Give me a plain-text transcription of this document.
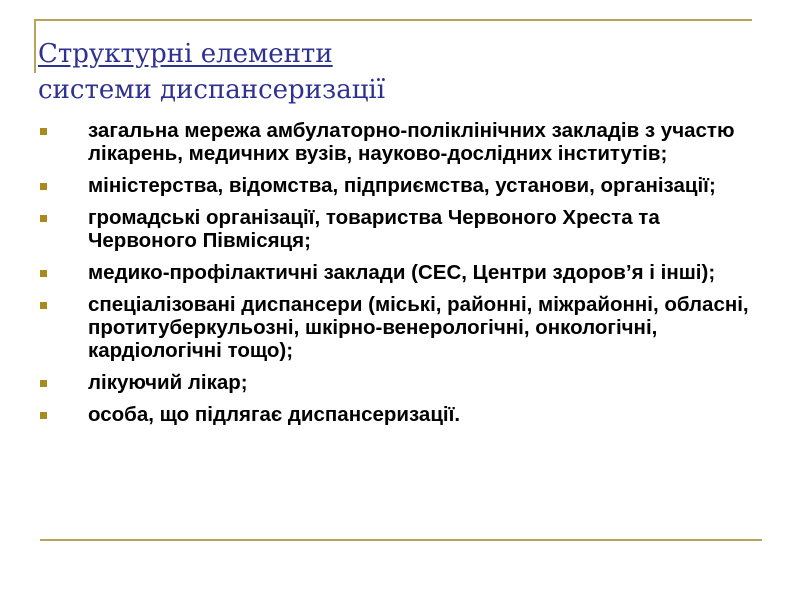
Структурні елементи
системи диспансеризації
загальна мережа амбулаторно-поліклінічних закладів з участю лікарень, медичних вузів, науково-дослідних інститутів;
міністерства, відомства, підприємства, установи, організації;
громадські організації, товариства Червоного Хреста та Червоного Півмісяця;
медико-профілактичні заклади (СЕС, Центри здоров’я і інші);
спеціалізовані диспансери (міські, районні, міжрайонні, обласні, протитуберкульозні, шкірно-венерологічні, онкологічні, кардіологічні тощо);
лікуючий лікар;
особа, що підлягає диспансеризації.
